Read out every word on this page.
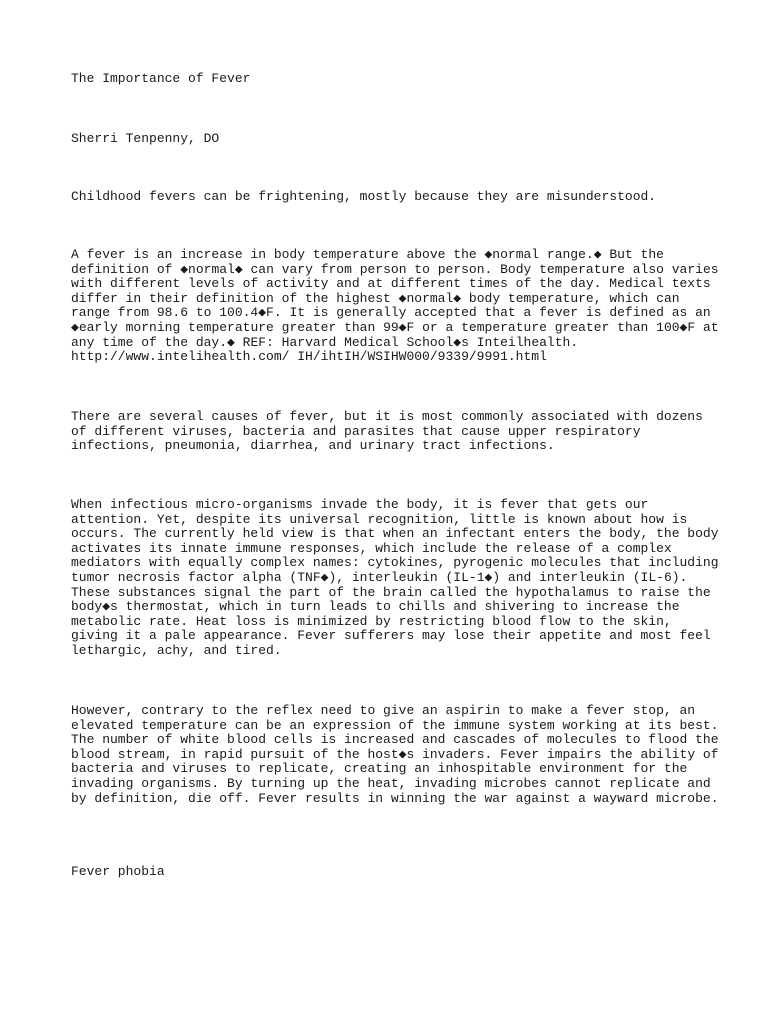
The Importance of Fever
Sherri Tenpenny, DO
Childhood fevers can be frightening, mostly because they are misunderstood.
A fever is an increase in body temperature above the ◆normal range.◆ But the
definition of ◆normal◆ can vary from person to person. Body temperature also varies
with different levels of activity and at different times of the day. Medical texts
differ in their definition of the highest ◆normal◆ body temperature, which can
range from 98.6 to 100.4◆F. It is generally accepted that a fever is defined as an
◆early morning temperature greater than 99◆F or a temperature greater than 100◆F at
any time of the day.◆ REF: Harvard Medical School◆s Inteilhealth.
http://www.intelihealth.com/ IH/ihtIH/WSIHW000/9339/9991.html
There are several causes of fever, but it is most commonly associated with dozens
of different viruses, bacteria and parasites that cause upper respiratory
infections, pneumonia, diarrhea, and urinary tract infections.
When infectious micro-organisms invade the body, it is fever that gets our
attention. Yet, despite its universal recognition, little is known about how is
occurs. The currently held view is that when an infectant enters the body, the body
activates its innate immune responses, which include the release of a complex
mediators with equally complex names: cytokines, pyrogenic molecules that including
tumor necrosis factor alpha (TNF◆), interleukin (IL-1◆) and interleukin (IL-6).
These substances signal the part of the brain called the hypothalamus to raise the
body◆s thermostat, which in turn leads to chills and shivering to increase the
metabolic rate. Heat loss is minimized by restricting blood flow to the skin,
giving it a pale appearance. Fever sufferers may lose their appetite and most feel
lethargic, achy, and tired.
However, contrary to the reflex need to give an aspirin to make a fever stop, an
elevated temperature can be an expression of the immune system working at its best.
The number of white blood cells is increased and cascades of molecules to flood the
blood stream, in rapid pursuit of the host◆s invaders. Fever impairs the ability of
bacteria and viruses to replicate, creating an inhospitable environment for the
invading organisms. By turning up the heat, invading microbes cannot replicate and
by definition, die off. Fever results in winning the war against a wayward microbe.
Fever phobia
